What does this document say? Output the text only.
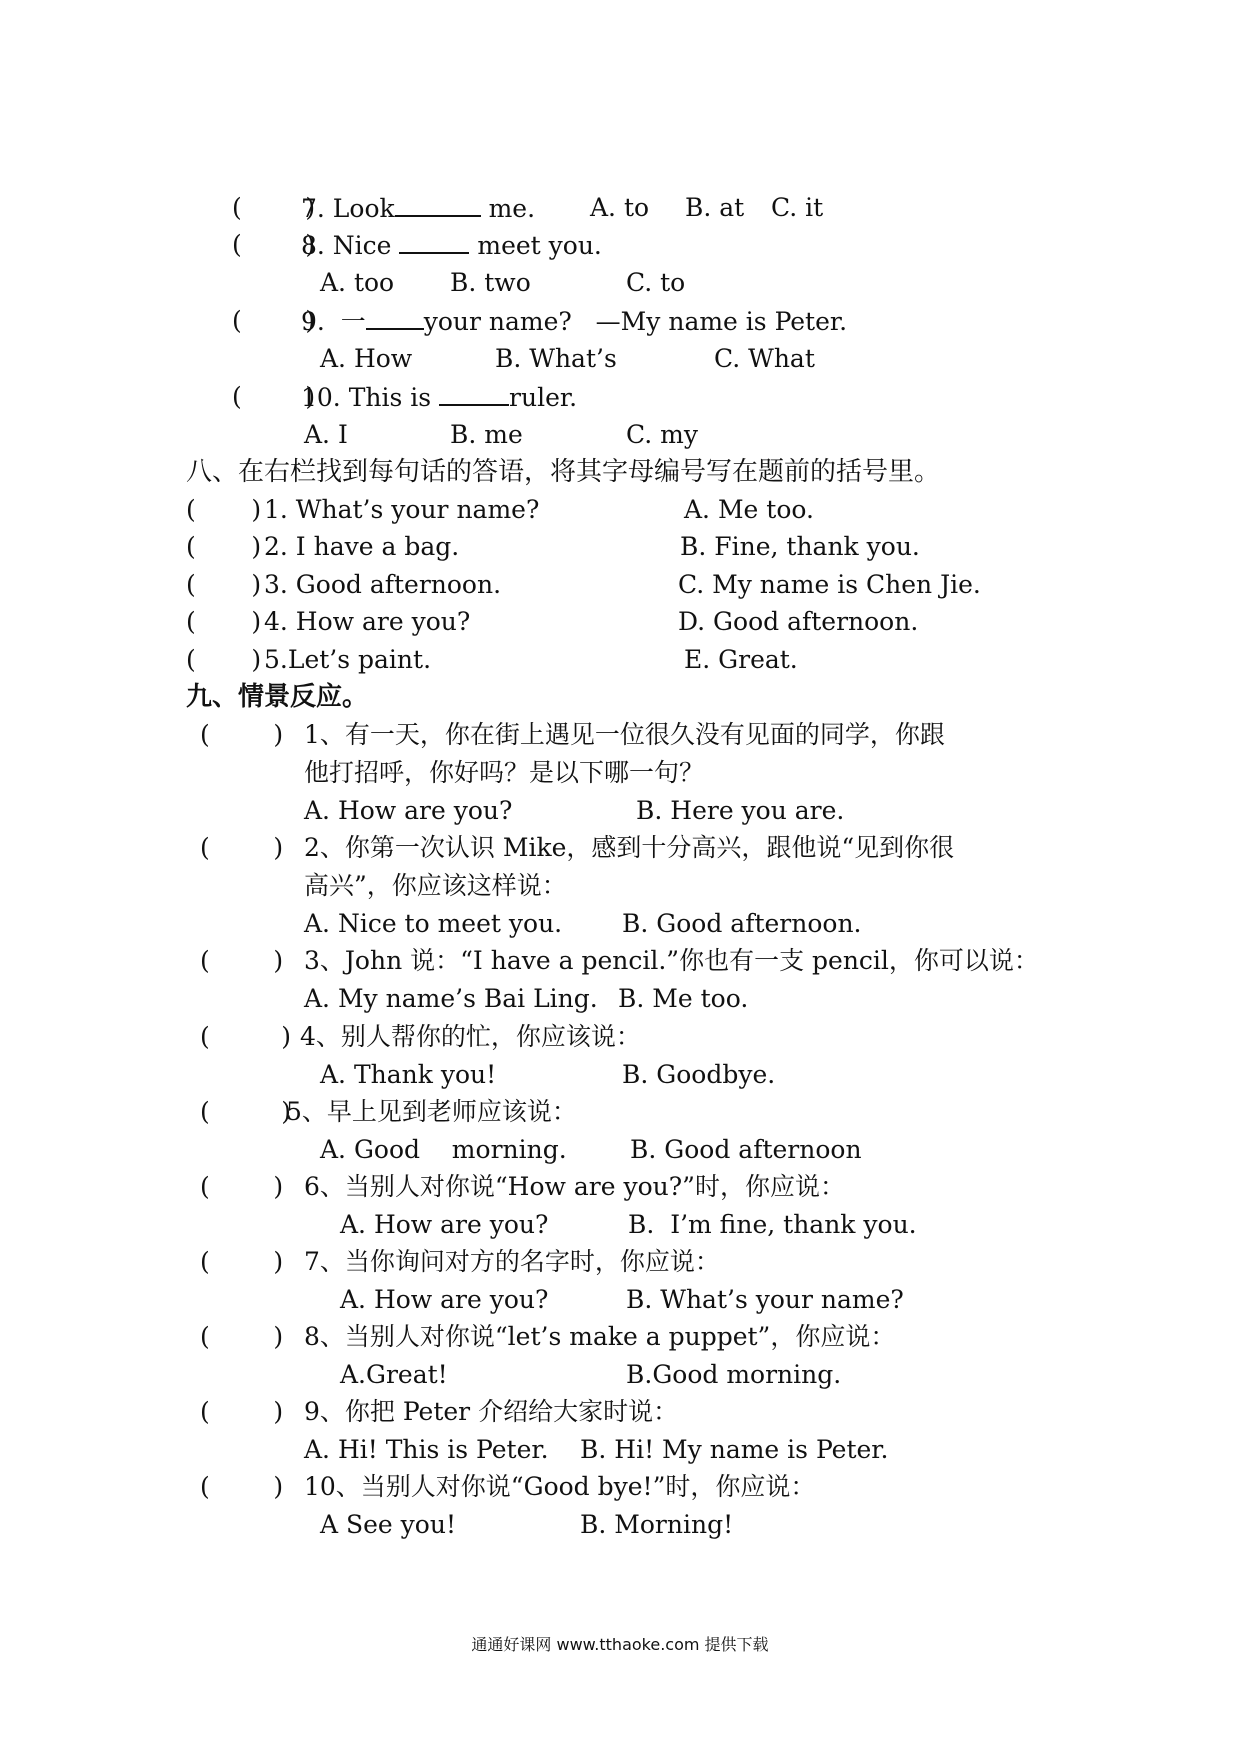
(        )
7. Look	me. A. to B. at C. it
(        )
8. Nice	meet you.
A. too B. two	C. to
(        )
9.  一 your name?   —My name is Peter.
A. How	B. What’s	C. What
(        )
10. This is	ruler.
A. I	B. me	C. my
八、在右栏找到每句话的答语，将其字母编号写在题前的括号里。
(       ) 1. What’s your name?	A. Me too.
(       ) 2. I have a bag.	B. Fine, thank you.
(       ) 3. Good afternoon.	C. My name is Chen Jie.
(       ) 4. How are you?	D. Good afternoon.
(       ) 5.Let’s paint.	E. Great.
九、情景反应。
(        ) 1、有一天，你在街上遇见一位很久没有见面的同学，你跟
他打招呼，你好吗？是以下哪一句？
A. How are you?	B. Here you are.
(        ) 2、你第一次认识 Mike，感到十分高兴，跟他说“见到你很
高兴”，你应该这样说：
A. Nice to meet you. B. Good afternoon.
(        ) 3、John 说：“I have a pencil.”你也有一支 pencil，你可以说：
A. My name’s Bai Ling. B. Me too.
(         ) 4、别人帮你的忙，你应该说：
A. Thank you!	B. Goodbye.
(         )
5、早上见到老师应该说：
A. Good    morning.	B. Good afternoon
(        ) 6、当别人对你说“How are you?”时，你应说：
A. How are you?	B.  I’m fine, thank you.
(        ) 7、当你询问对方的名字时，你应说：
A. How are you?	B. What’s your name?
(        ) 8、当别人对你说“let’s make a puppet”，你应说：
A.Great!	B.Good morning.
(        ) 9、你把 Peter 介绍给大家时说：
A. Hi! This is Peter. B. Hi! My name is Peter.
(        ) 10、当别人对你说“Good bye!”时，你应说：
A See you!	B. Morning!
通通好课网 www.tthaoke.com 提供下载
